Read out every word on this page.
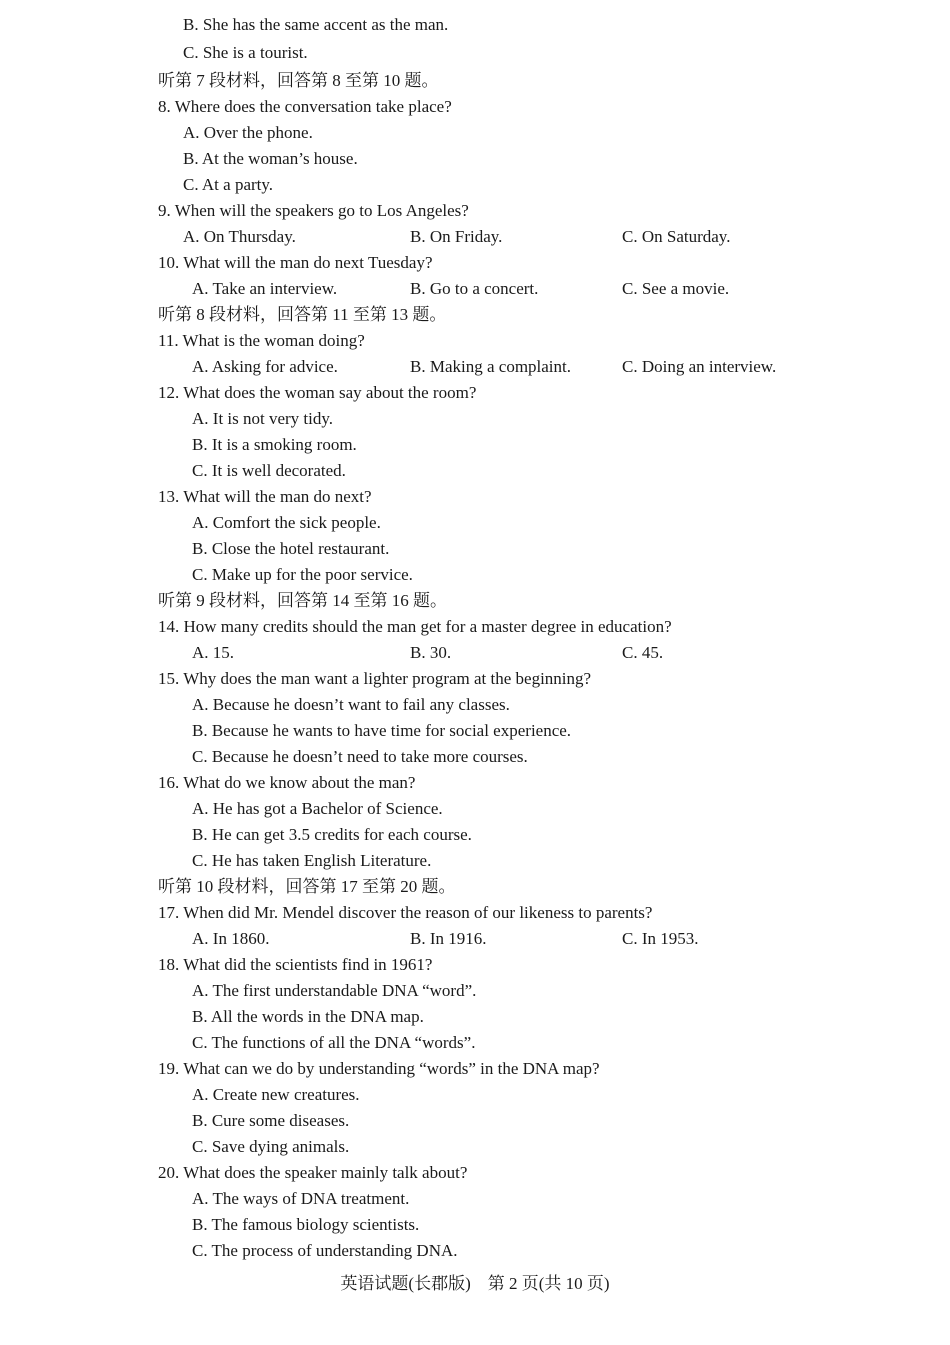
B. She has the same accent as the man.
C. She is a tourist.
听第 7 段材料，回答第 8 至第 10 题。
8. Where does the conversation take place?
A. Over the phone.
B. At the woman’s house.
C. At a party.
9. When will the speakers go to Los Angeles?
A. On Thursday.	B. On Friday.	C. On Saturday.
10. What will the man do next Tuesday?
A. Take an interview.	B. Go to a concert.	C. See a movie.
听第 8 段材料，回答第 11 至第 13 题。
11. What is the woman doing?
A. Asking for advice.	B. Making a complaint.	C. Doing an interview.
12. What does the woman say about the room?
A. It is not very tidy.
B. It is a smoking room.
C. It is well decorated.
13. What will the man do next?
A. Comfort the sick people.
B. Close the hotel restaurant.
C. Make up for the poor service.
听第 9 段材料，回答第 14 至第 16 题。
14. How many credits should the man get for a master degree in education?
A. 15.	B. 30.	C. 45.
15. Why does the man want a lighter program at the beginning?
A. Because he doesn’t want to fail any classes.
B. Because he wants to have time for social experience.
C. Because he doesn’t need to take more courses.
16. What do we know about the man?
A. He has got a Bachelor of Science.
B. He can get 3.5 credits for each course.
C. He has taken English Literature.
听第 10 段材料，回答第 17 至第 20 题。
17. When did Mr. Mendel discover the reason of our likeness to parents?
A. In 1860.	B. In 1916.	C. In 1953.
18. What did the scientists find in 1961?
A. The first understandable DNA “word”.
B. All the words in the DNA map.
C. The functions of all the DNA “words”.
19. What can we do by understanding “words” in the DNA map?
A. Create new creatures.
B. Cure some diseases.
C. Save dying animals.
20. What does the speaker mainly talk about?
A. The ways of DNA treatment.
B. The famous biology scientists.
C. The process of understanding DNA.
英语试题(长郡版)　第 2 页(共 10 页)
